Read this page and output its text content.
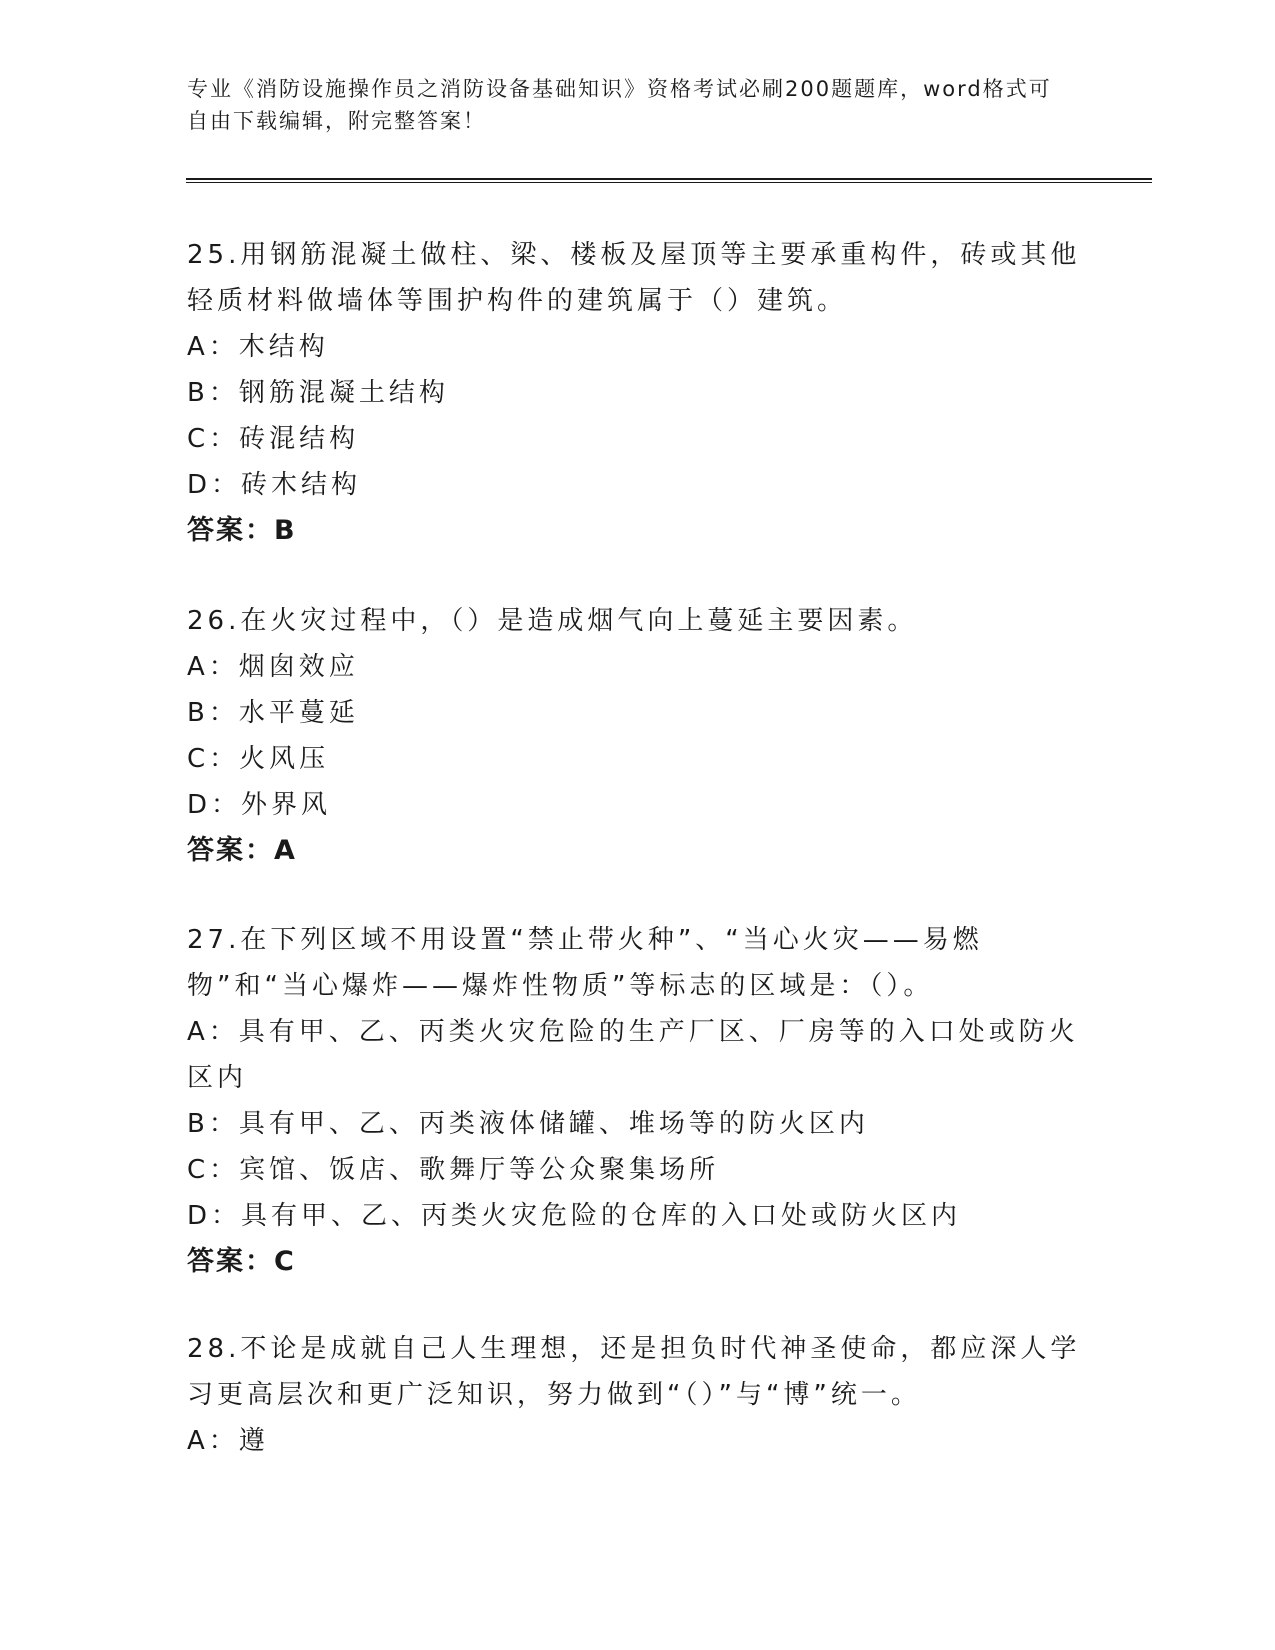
专业《消防设施操作员之消防设备基础知识》资格考试必刷200题题库，word格式可自由下载编辑，附完整答案！

25.用钢筋混凝土做柱、梁、楼板及屋顶等主要承重构件，砖或其他轻质材料做墙体等围护构件的建筑属于（）建筑。

A：木结构

B：钢筋混凝土结构

C：砖混结构

D：砖木结构

答案：B

26.在火灾过程中，（）是造成烟气向上蔓延主要因素。

A：烟囱效应

B：水平蔓延

C：火风压

D：外界风

答案：A

27.在下列区域不用设置“禁止带火种”、“当心火灾——易燃物”和“当心爆炸——爆炸性物质”等标志的区域是：（）。

A：具有甲、乙、丙类火灾危险的生产厂区、厂房等的入口处或防火区内

B：具有甲、乙、丙类液体储罐、堆场等的防火区内

C：宾馆、饭店、歌舞厅等公众聚集场所

D：具有甲、乙、丙类火灾危险的仓库的入口处或防火区内

答案：C

28.不论是成就自己人生理想，还是担负时代神圣使命，都应深人学习更高层次和更广泛知识，努力做到“（）”与“博”统一。

A：遵
